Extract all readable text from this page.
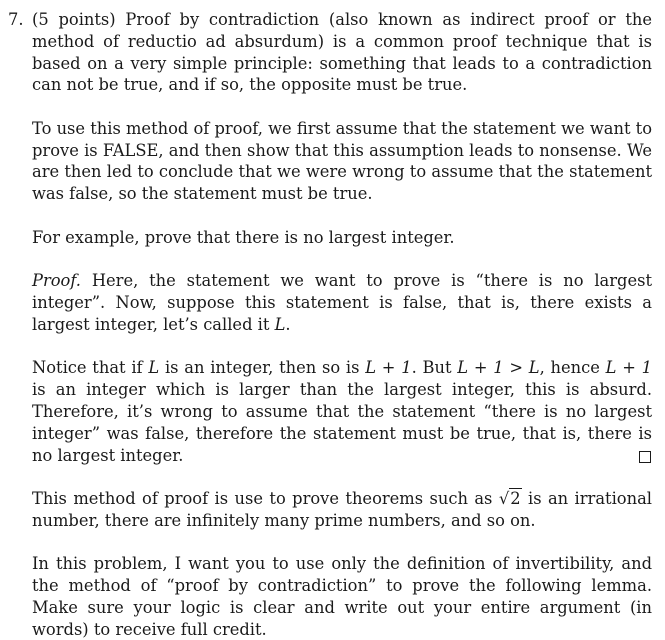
7. (5 points) Proof by contradiction (also known as indirect proof or the method of reductio ad absurdum) is a common proof technique that is based on a very simple principle: something that leads to a contradiction can not be true, and if so, the opposite must be true.

To use this method of proof, we first assume that the statement we want to prove is FALSE, and then show that this assumption leads to nonsense. We are then led to conclude that we were wrong to assume that the statement was false, so the statement must be true.

For example, prove that there is no largest integer.

Proof. Here, the statement we want to prove is “there is no largest integer”. Now, suppose this statement is false, that is, there exists a largest integer, let’s called it L.

Notice that if L is an integer, then so is L + 1. But L + 1 > L, hence L + 1 is an integer which is larger than the largest integer, this is absurd. Therefore, it’s wrong to assume that the statement “there is no largest integer” was false, therefore the statement must be true, that is, there is no largest integer.

This method of proof is use to prove theorems such as √2 is an irrational number, there are infinitely many prime numbers, and so on.

In this problem, I want you to use only the definition of invertibility, and the method of “proof by contradiction” to prove the following lemma. Make sure your logic is clear and write out your entire argument (in words) to receive full credit.
